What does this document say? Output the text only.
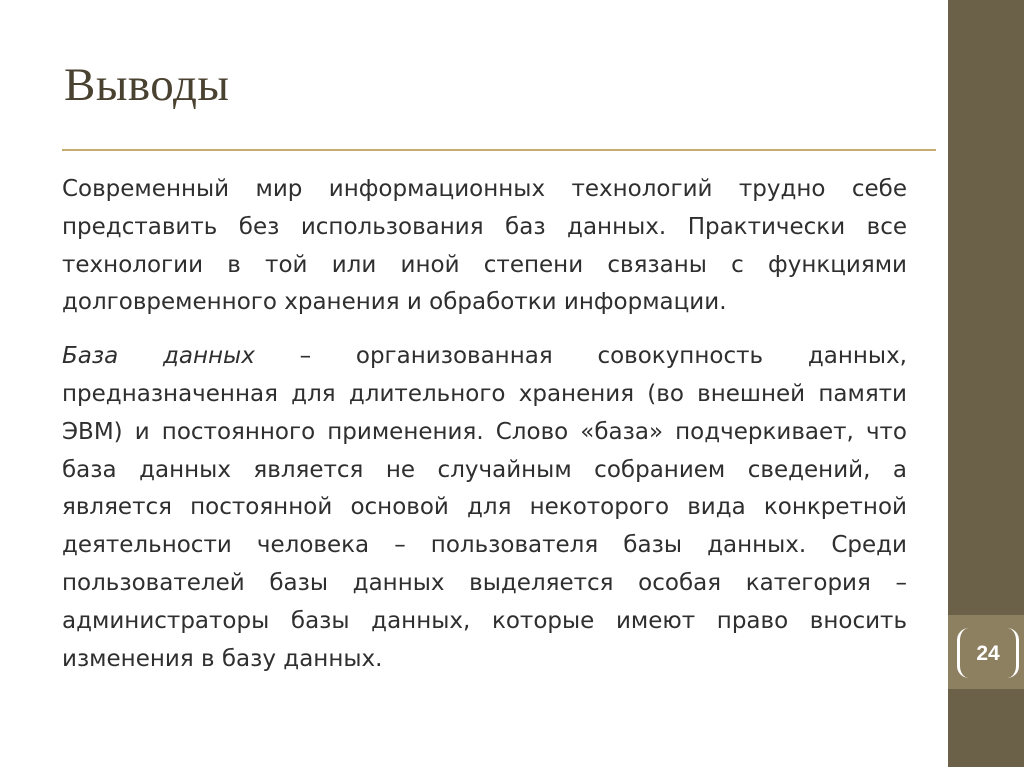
24
Выводы

Современный мир информационных технологий трудно себе представить без использования баз данных. Практически все технологии в той или иной степени связаны с функциями долговременного хранения и обработки информации.

База данных – организованная совокупность данных, предназначенная для длительного хранения (во внешней памяти ЭВМ) и постоянного применения. Слово «база» подчеркивает, что база данных является не случайным собранием сведений, а является постоянной основой для некоторого вида конкретной деятельности человека – пользователя базы данных. Среди пользователей базы данных выделяется особая категория – администраторы базы данных, которые имеют право вносить изменения в базу данных.
